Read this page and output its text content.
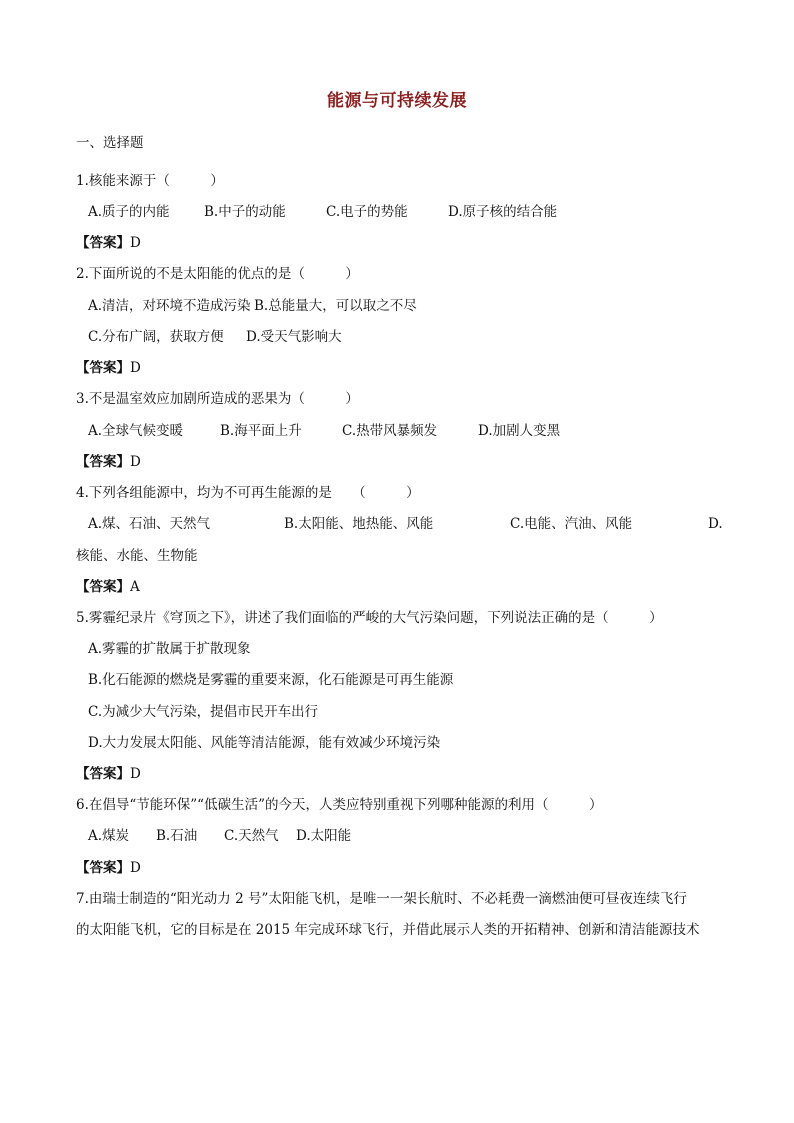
能源与可持续发展
一、选择题
1.核能来源于（　　　）
A.质子的内能	B.中子的动能	C.电子的势能	D.原子核的结合能
【答案】D
2.下面所说的不是太阳能的优点的是（　　　）
A.清洁，对环境不造成污染 B.总能量大，可以取之不尽
C.分布广阔，获取方便 D.受天气影响大
【答案】D
3.不是温室效应加剧所造成的恶果为（　　　）
A.全球气候变暖	B.海平面上升	C.热带风暴频发	D.加剧人变黑
【答案】D
4.下列各组能源中，均为不可再生能源的是　　（　　　）
A.煤、石油、天然气	B.太阳能、地热能、风能	C.电能、汽油、风能	D.
核能、水能、生物能
【答案】A
5.雾霾纪录片《穹顶之下》，讲述了我们面临的严峻的大气污染问题，下列说法正确的是（　　　）
A.雾霾的扩散属于扩散现象
B.化石能源的燃烧是雾霾的重要来源，化石能源是可再生能源
C.为减少大气污染，提倡市民开车出行
D.大力发展太阳能、风能等清洁能源，能有效减少环境污染
【答案】D
6.在倡导“节能环保”“低碳生活”的今天，人类应特别重视下列哪种能源的利用（　　　）
A.煤炭 B.石油 C.天然气 D.太阳能
【答案】D
7.由瑞士制造的“阳光动力 2 号”太阳能飞机，是唯一一架长航时、不必耗费一滴燃油便可昼夜连续飞行
的太阳能飞机，它的目标是在 2015 年完成环球飞行，并借此展示人类的开拓精神、创新和清洁能源技术
